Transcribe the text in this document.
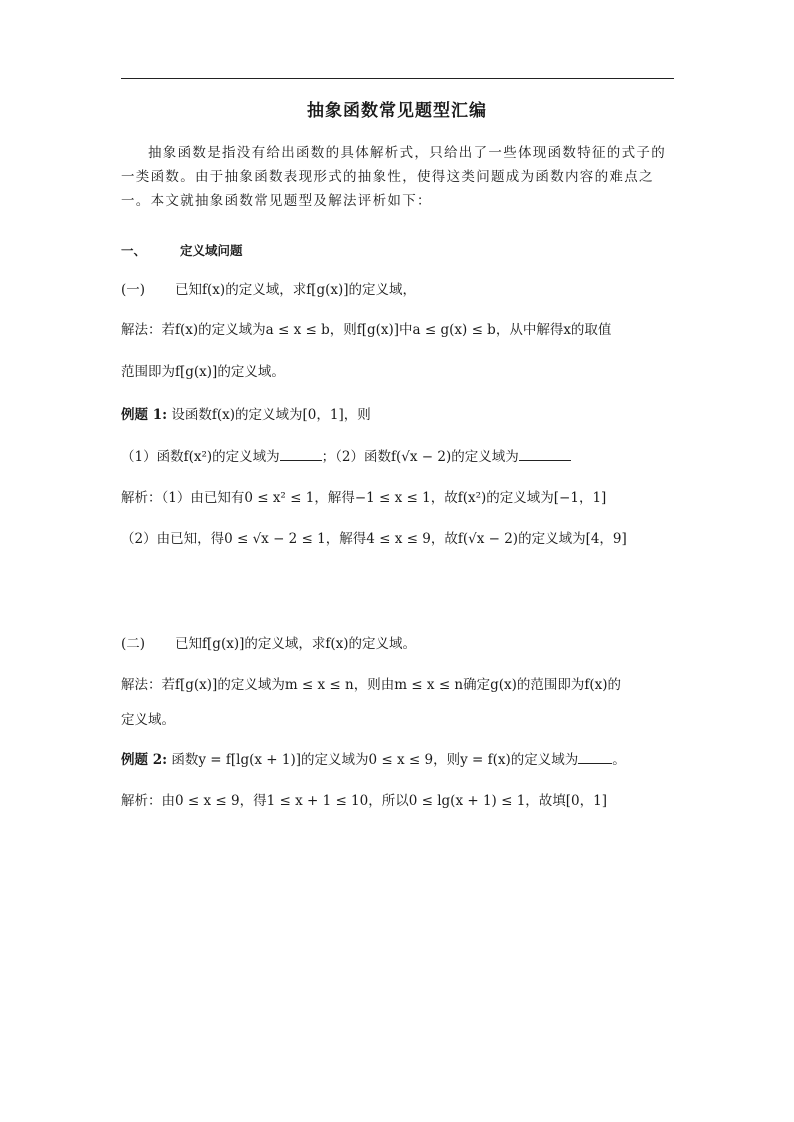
抽象函数常见题型汇编
抽象函数是指没有给出函数的具体解析式，只给出了一些体现函数特征的式子的一类函数。由于抽象函数表现形式的抽象性，使得这类问题成为函数内容的难点之一。本文就抽象函数常见题型及解法评析如下：
一、	定义域问题
(一) 已知f(x)的定义域，求f[g(x)]的定义域，
解法：若f(x)的定义域为a ≤ x ≤ b，则f[g(x)]中a ≤ g(x) ≤ b，从中解得x的取值
范围即为f[g(x)]的定义域。
例题 1: 设函数f(x)的定义域为[0，1]，则
（1）函数f(x²)的定义域为	；（2）函数f(√x − 2)的定义域为
解析：（1）由已知有0 ≤ x² ≤ 1，解得−1 ≤ x ≤ 1，故f(x²)的定义域为[−1，1]
（2）由已知，得0 ≤ √x − 2 ≤ 1，解得4 ≤ x ≤ 9，故f(√x − 2)的定义域为[4，9]
(二) 已知f[g(x)]的定义域，求f(x)的定义域。
解法：若f[g(x)]的定义域为m ≤ x ≤ n，则由m ≤ x ≤ n确定g(x)的范围即为f(x)的
定义域。
例题 2: 函数y = f[lg(x + 1)]的定义域为0 ≤ x ≤ 9，则y = f(x)的定义域为	。
解析：由0 ≤ x ≤ 9，得1 ≤ x + 1 ≤ 10，所以0 ≤ lg(x + 1) ≤ 1，故填[0，1]
